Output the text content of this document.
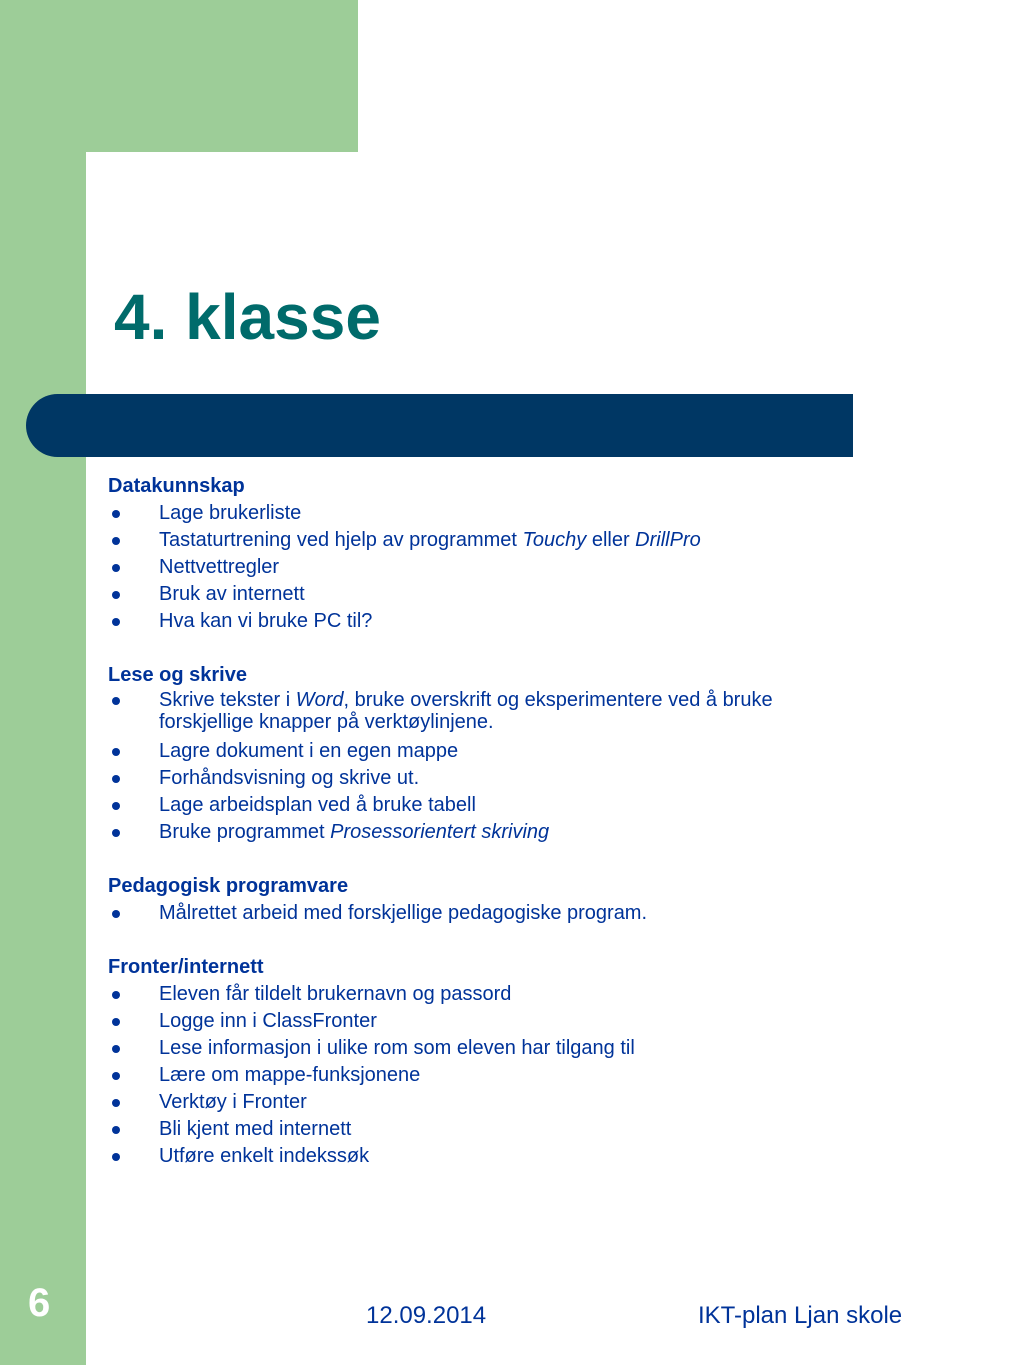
4. klasse

Datakunnskap

Lage brukerliste
Tastaturtrening ved hjelp av programmet Touchy eller DrillPro
Nettvettregler
Bruk av internett
Hva kan vi bruke PC til?

Lese og skrive

Skrive tekster i Word, bruke overskrift og eksperimentere ved å bruke forskjellige knapper på verktøylinjene.
Lagre dokument i en egen mappe
Forhåndsvisning og skrive ut.
Lage arbeidsplan ved å bruke tabell
Bruke programmet Prosessorientert skriving

Pedagogisk programvare

Målrettet arbeid med forskjellige pedagogiske program.

Fronter/internett

Eleven får tildelt brukernavn og passord
Logge inn i ClassFronter
Lese informasjon i ulike rom som eleven har tilgang til
Lære om mappe-funksjonene
Verktøy i Fronter
Bli kjent med internett
Utføre enkelt indekssøk
6	12.09.2014	IKT-plan Ljan skole
